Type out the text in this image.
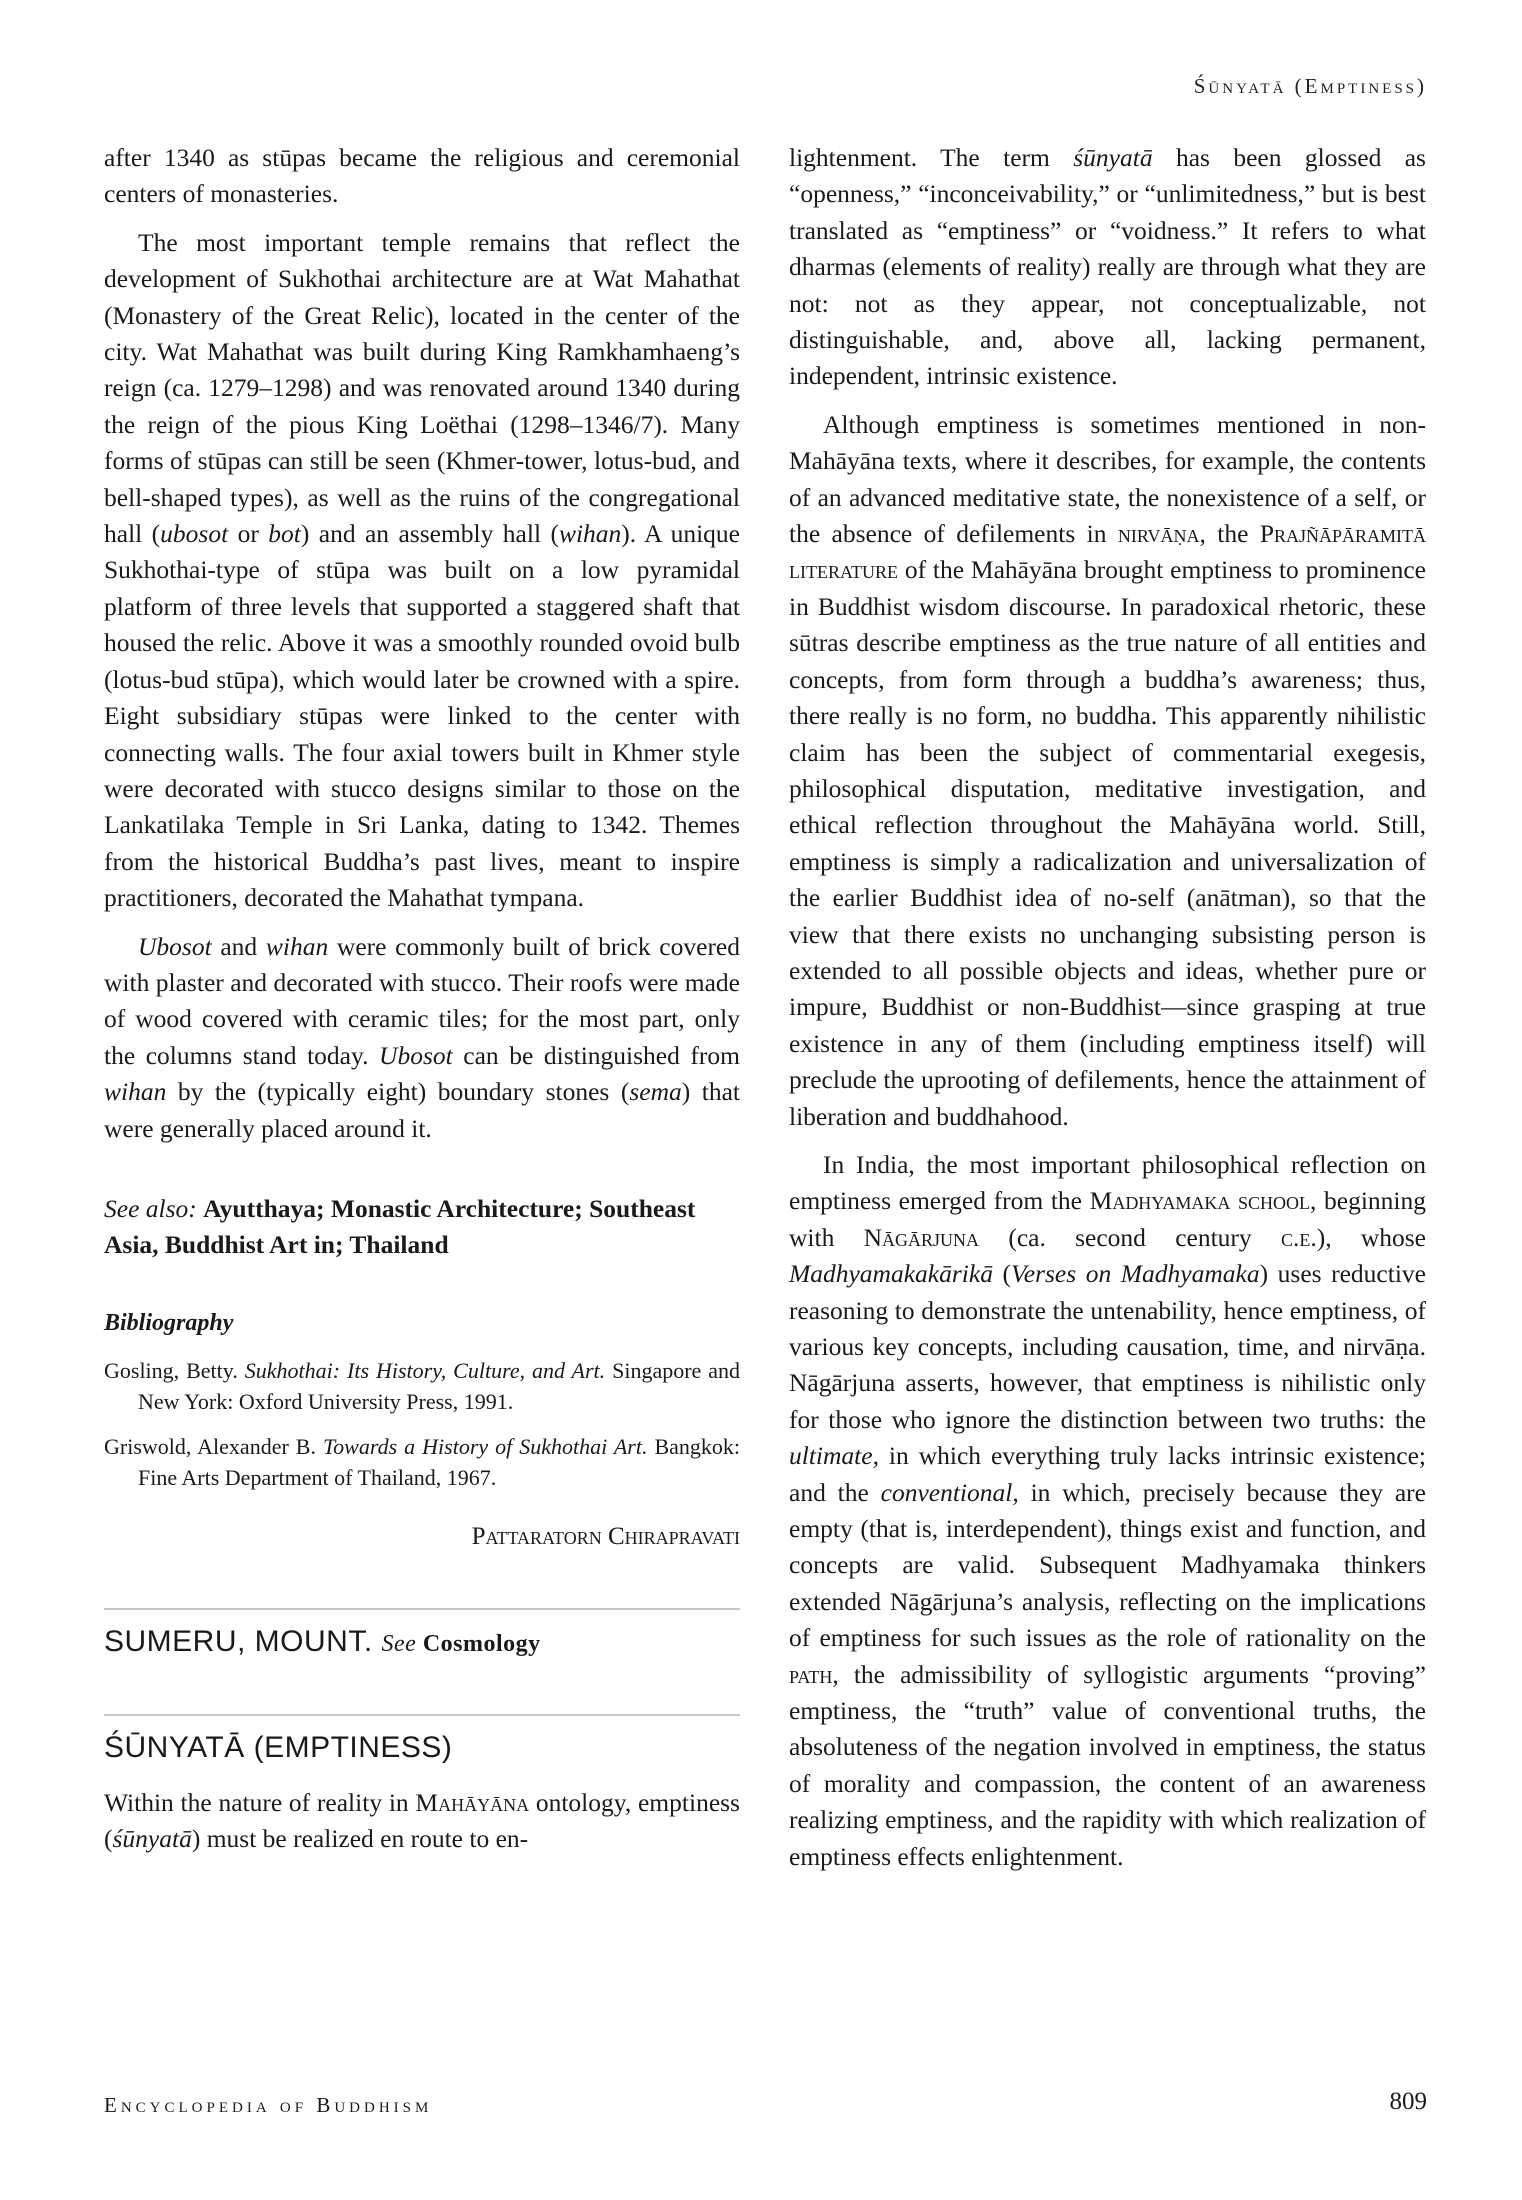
Śūnyatā (Emptiness)

after 1340 as stūpas became the religious and ceremonial centers of monasteries.

The most important temple remains that reflect the development of Sukhothai architecture are at Wat Mahathat (Monastery of the Great Relic), located in the center of the city. Wat Mahathat was built during King Ramkhamhaeng’s reign (ca. 1279–1298) and was renovated around 1340 during the reign of the pious King Loëthai (1298–1346/7). Many forms of stūpas can still be seen (Khmer-tower, lotus-bud, and bell-shaped types), as well as the ruins of the congregational hall (ubosot or bot) and an assembly hall (wihan). A unique Sukhothai-type of stūpa was built on a low pyramidal platform of three levels that supported a staggered shaft that housed the relic. Above it was a smoothly rounded ovoid bulb (lotus-bud stūpa), which would later be crowned with a spire. Eight subsidiary stūpas were linked to the center with connecting walls. The four axial towers built in Khmer style were decorated with stucco designs similar to those on the Lankatilaka Temple in Sri Lanka, dating to 1342. Themes from the historical Buddha’s past lives, meant to inspire practitioners, decorated the Mahathat tympana.

Ubosot and wihan were commonly built of brick covered with plaster and decorated with stucco. Their roofs were made of wood covered with ceramic tiles; for the most part, only the columns stand today. Ubosot can be distinguished from wihan by the (typically eight) boundary stones (sema) that were generally placed around it.

See also: Ayutthaya; Monastic Architecture; Southeast Asia, Buddhist Art in; Thailand

Bibliography

Gosling, Betty. Sukhothai: Its History, Culture, and Art. Singapore and New York: Oxford University Press, 1991.

Griswold, Alexander B. Towards a History of Sukhothai Art. Bangkok: Fine Arts Department of Thailand, 1967.

Pattaratorn Chirapravati

SUMERU, MOUNT. See Cosmology

ŚŪNYATĀ (EMPTINESS)

Within the nature of reality in Mahāyāna ontology, emptiness (śūnyatā) must be realized en route to en-

lightenment. The term śūnyatā has been glossed as “openness,” “inconceivability,” or “unlimitedness,” but is best translated as “emptiness” or “voidness.” It refers to what dharmas (elements of reality) really are through what they are not: not as they appear, not conceptualizable, not distinguishable, and, above all, lacking permanent, independent, intrinsic existence.

Although emptiness is sometimes mentioned in non-Mahāyāna texts, where it describes, for example, the contents of an advanced meditative state, the nonexistence of a self, or the absence of defilements in nirvāṇa, the Prajñāpāramitā literature of the Mahāyāna brought emptiness to prominence in Buddhist wisdom discourse. In paradoxical rhetoric, these sūtras describe emptiness as the true nature of all entities and concepts, from form through a buddha’s awareness; thus, there really is no form, no buddha. This apparently nihilistic claim has been the subject of commentarial exegesis, philosophical disputation, meditative investigation, and ethical reflection throughout the Mahāyāna world. Still, emptiness is simply a radicalization and universalization of the earlier Buddhist idea of no-self (anātman), so that the view that there exists no unchanging subsisting person is extended to all possible objects and ideas, whether pure or impure, Buddhist or non-Buddhist—since grasping at true existence in any of them (including emptiness itself) will preclude the uprooting of defilements, hence the attainment of liberation and buddhahood.

In India, the most important philosophical reflection on emptiness emerged from the Madhyamaka school, beginning with Nāgārjuna (ca. second century c.e.), whose Madhyamakakārikā (Verses on Madhyamaka) uses reductive reasoning to demonstrate the untenability, hence emptiness, of various key concepts, including causation, time, and nirvāṇa. Nāgārjuna asserts, however, that emptiness is nihilistic only for those who ignore the distinction between two truths: the ultimate, in which everything truly lacks intrinsic existence; and the conventional, in which, precisely because they are empty (that is, interdependent), things exist and function, and concepts are valid. Subsequent Madhyamaka thinkers extended Nāgārjuna’s analysis, reflecting on the implications of emptiness for such issues as the role of rationality on the path, the admissibility of syllogistic arguments “proving” emptiness, the “truth” value of conventional truths, the absoluteness of the negation involved in emptiness, the status of morality and compassion, the content of an awareness realizing emptiness, and the rapidity with which realization of emptiness effects enlightenment.

Encyclopedia of Buddhism	809
